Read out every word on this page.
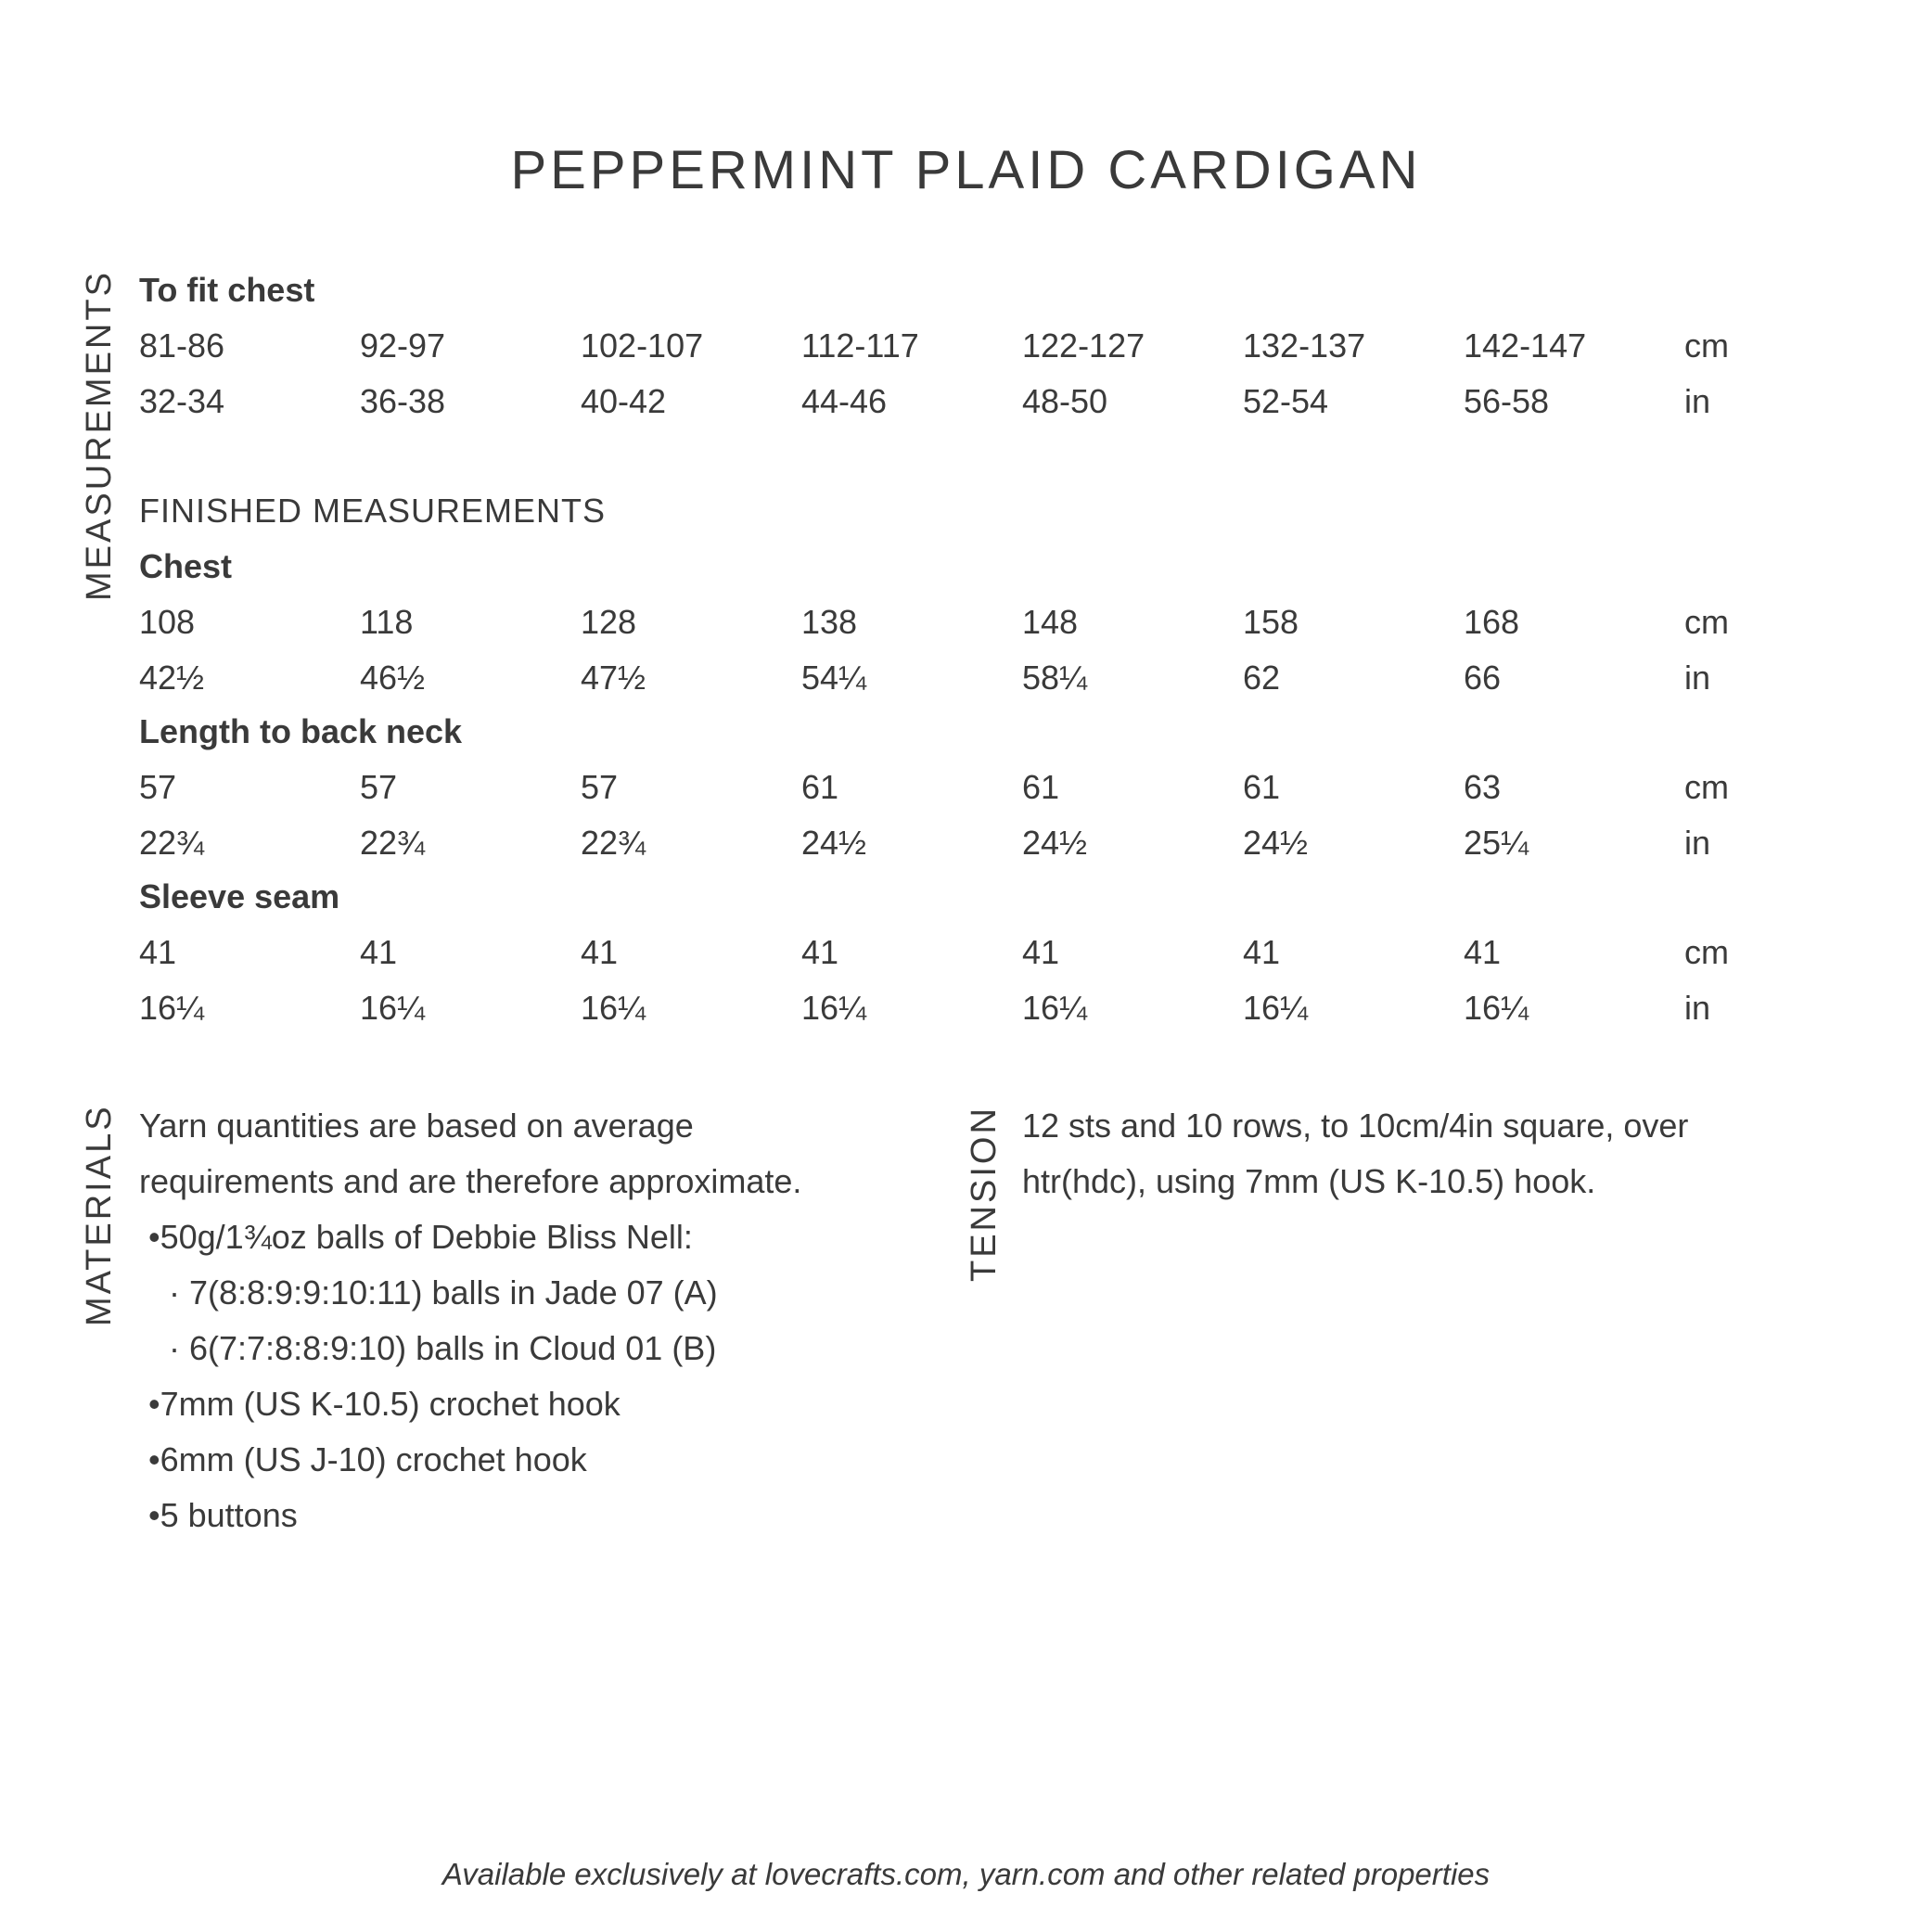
PEPPERMINT PLAID CARDIGAN
MEASUREMENTS
MATERIALS	TENSION
To fit chest
81-86	92-97	102-107	112-117	122-127	132-137	142-147	cm
32-34	36-38	40-42	44-46	48-50	52-54	56-58	in
FINISHED MEASUREMENTS
Chest
108	118	128	138	148	158	168	cm
42½	46½	47½	54¼	58¼	62	66	in
Length to back neck
57	57	57	61	61	61	63	cm
22¾	22¾	22¾	24½	24½	24½	25¼	in
Sleeve seam
41	41	41	41	41	41	41	cm
16¼	16¼	16¼	16¼	16¼	16¼	16¼	in
Yarn quantities are based on average
requirements and are therefore approximate.
•50g/1¾oz balls of Debbie Bliss Nell:
· 7(8:8:9:9:10:11) balls in Jade 07 (A)
· 6(7:7:8:8:9:10) balls in Cloud 01 (B)
•7mm (US K-10.5) crochet hook
•6mm (US J-10) crochet hook
•5 buttons
12 sts and 10 rows, to 10cm/4in square, over
htr(hdc), using 7mm (US K-10.5) hook.
Available exclusively at lovecrafts.com, yarn.com and other related properties
